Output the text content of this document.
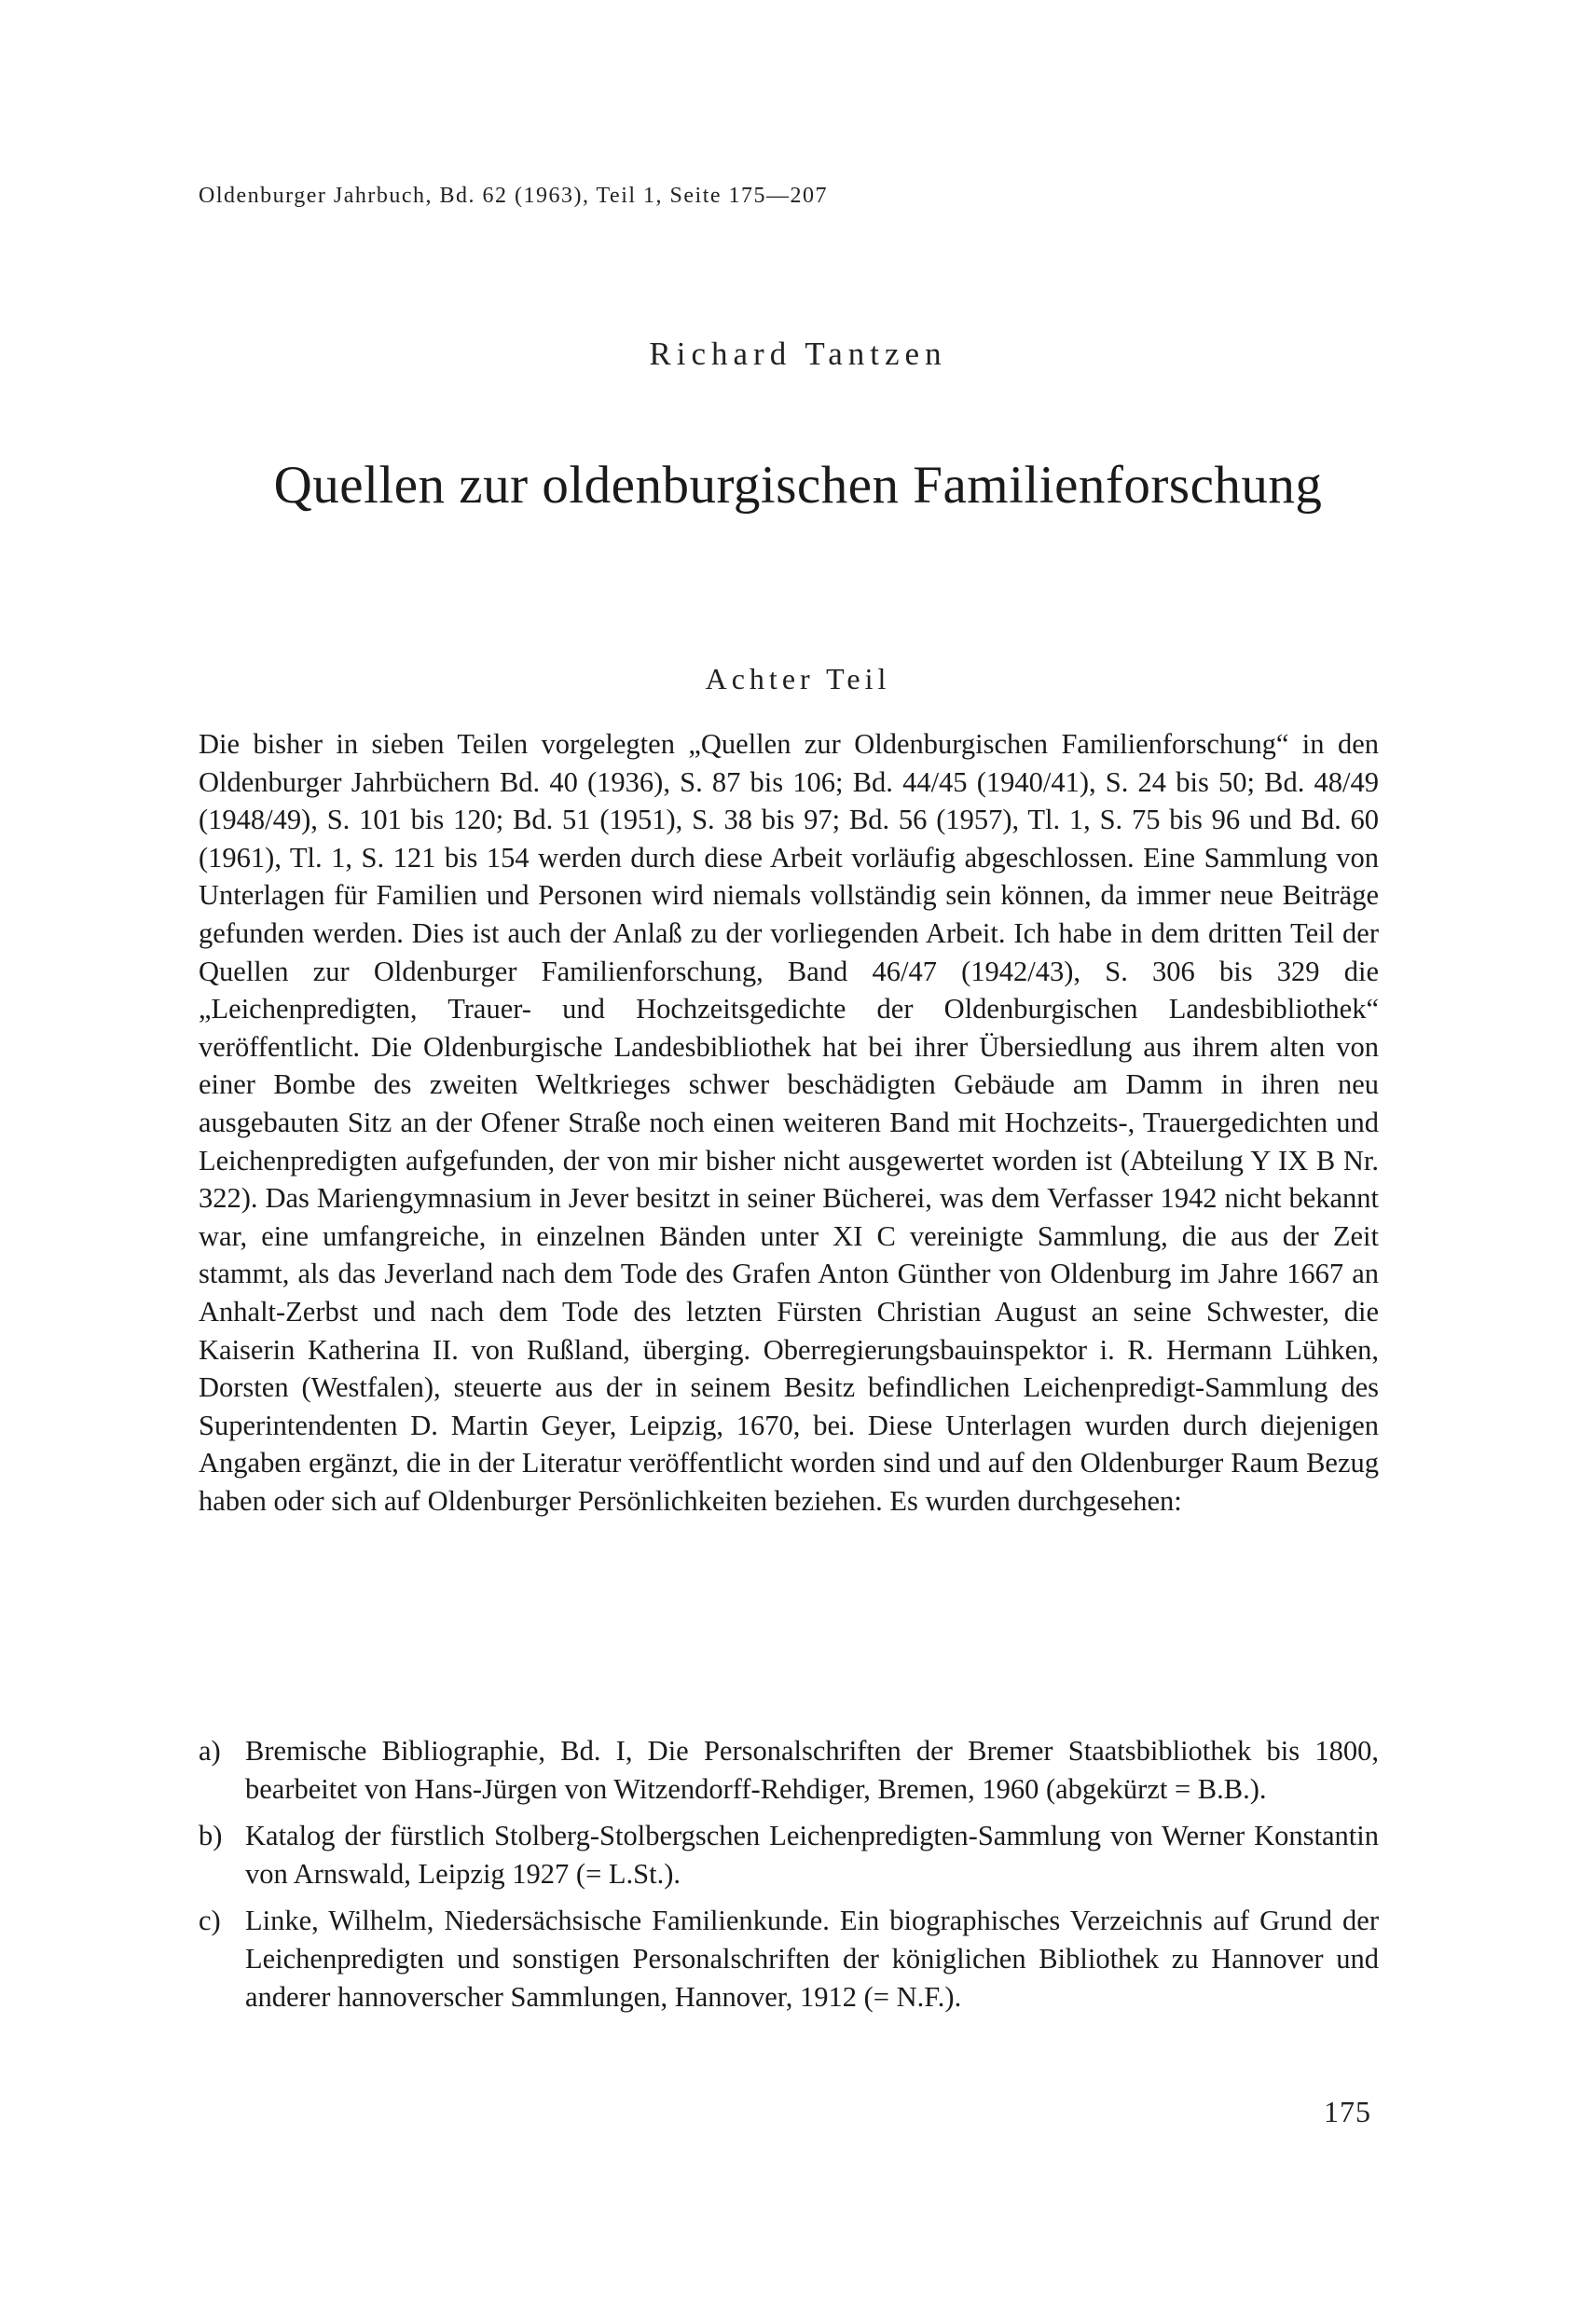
Oldenburger Jahrbuch, Bd. 62 (1963), Teil 1, Seite 175—207
Richard Tantzen
Quellen zur oldenburgischen Familienforschung
Achter Teil

Die bisher in sieben Teilen vorgelegten „Quellen zur Oldenburgischen Familienforschung“ in den Oldenburger Jahrbüchern Bd. 40 (1936), S. 87 bis 106; Bd. 44/45 (1940/41), S. 24 bis 50; Bd. 48/49 (1948/49), S. 101 bis 120; Bd. 51 (1951), S. 38 bis 97; Bd. 56 (1957), Tl. 1, S. 75 bis 96 und Bd. 60 (1961), Tl. 1, S. 121 bis 154 werden durch diese Arbeit vorläufig abgeschlossen. Eine Sammlung von Unterlagen für Familien und Personen wird niemals vollständig sein können, da immer neue Beiträge gefunden werden. Dies ist auch der Anlaß zu der vorliegenden Arbeit. Ich habe in dem dritten Teil der Quellen zur Oldenburger Familienforschung, Band 46/47 (1942/43), S. 306 bis 329 die „Leichenpredigten, Trauer- und Hochzeitsgedichte der Oldenburgischen Landesbibliothek“ veröffentlicht. Die Oldenburgische Landesbibliothek hat bei ihrer Übersiedlung aus ihrem alten von einer Bombe des zweiten Weltkrieges schwer beschädigten Gebäude am Damm in ihren neu ausgebauten Sitz an der Ofener Straße noch einen weiteren Band mit Hochzeits-, Trauergedichten und Leichenpredigten aufgefunden, der von mir bisher nicht ausgewertet worden ist (Abteilung Y IX B Nr. 322). Das Mariengymnasium in Jever besitzt in seiner Bücherei, was dem Verfasser 1942 nicht bekannt war, eine umfangreiche, in einzelnen Bänden unter XI C vereinigte Sammlung, die aus der Zeit stammt, als das Jeverland nach dem Tode des Grafen Anton Günther von Oldenburg im Jahre 1667 an Anhalt-Zerbst und nach dem Tode des letzten Fürsten Christian August an seine Schwester, die Kaiserin Katherina II. von Rußland, überging. Oberregierungsbauinspektor i. R. Hermann Lühken, Dorsten (Westfalen), steuerte aus der in seinem Besitz befindlichen Leichenpredigt-Sammlung des Superintendenten D. Martin Geyer, Leipzig, 1670, bei. Diese Unterlagen wurden durch diejenigen Angaben ergänzt, die in der Literatur veröffentlicht worden sind und auf den Oldenburger Raum Bezug haben oder sich auf Oldenburger Persönlichkeiten beziehen. Es wurden durchgesehen:

a) Bremische Bibliographie, Bd. I, Die Personalschriften der Bremer Staatsbibliothek bis 1800, bearbeitet von Hans-Jürgen von Witzendorff-Rehdiger, Bremen, 1960 (abgekürzt = B.B.).
b) Katalog der fürstlich Stolberg-Stolbergschen Leichenpredigten-Sammlung von Werner Konstantin von Arnswald, Leipzig 1927 (= L.St.).
c) Linke, Wilhelm, Niedersächsische Familienkunde. Ein biographisches Verzeichnis auf Grund der Leichenpredigten und sonstigen Personalschriften der königlichen Bibliothek zu Hannover und anderer hannoverscher Sammlungen, Hannover, 1912 (= N.F.).
175
